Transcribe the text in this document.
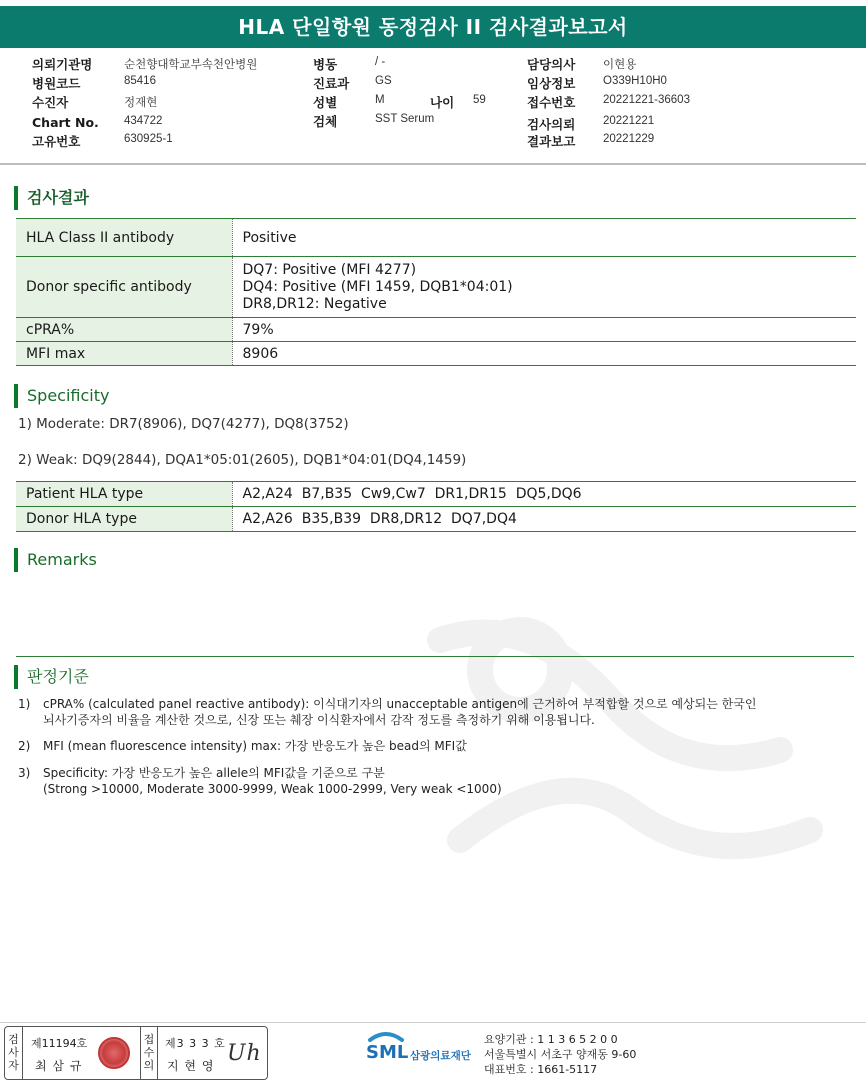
HLA 단일항원 동정검사 II 검사결과보고서
의뢰기관명	순천향대학교부속천안병원
병원코드	85416
수진자	정재현
Chart No. 434722
고유번호	630925-1
병동	/ -
진료과 GS
성별	M	나이 59
검체	SST Serum
담당의사 이현용
임상정보 O339H10H0
접수번호 20221221-36603
검사의뢰 20221221
결과보고 20221229
검사결과
HLA Class II antibody	Positive
Donor specific antibody	DQ7: Positive (MFI 4277)
DQ4: Positive (MFI 1459, DQB1*04:01)
DR8,DR12: Negative

cPRA%	79%
MFI max	8906
Specificity
1) Moderate: DR7(8906), DQ7(4277), DQ8(3752)
2) Weak: DQ9(2844), DQA1*05:01(2605), DQB1*04:01(DQ4,1459)
Patient HLA type	A2,A24  B7,B35  Cw9,Cw7  DR1,DR15  DQ5,DQ6
Donor HLA type	A2,A26  B35,B39  DR8,DR12  DQ7,DQ4
Remarks
판정기준
1) cPRA% (calculated panel reactive antibody): 이식대기자의 unacceptable antigen에 근거하여 부적합할 것으로 예상되는 한국인
뇌사기증자의 비율을 계산한 것으로, 신장 또는 췌장 이식환자에서 감작 정도를 측정하기 위해 이용됩니다.
2) MFI (mean fluorescence intensity) max: 가장 반응도가 높은 bead의 MFI값
3) Specificity: 가장 반응도가 높은 allele의 MFI값을 기준으로 구분
(Strong >10000, Moderate 3000-9999, Weak 1000-2999, Very weak <1000)
검사자
제11194호
최 삼 규
접수의
제3 3 3 호
지 현 영 Uh	SML 삼광의료재단
요양기관 : 1 1 3 6 5 2 0 0
서울특별시 서초구 양재동 9-60
대표번호 : 1661-5117
